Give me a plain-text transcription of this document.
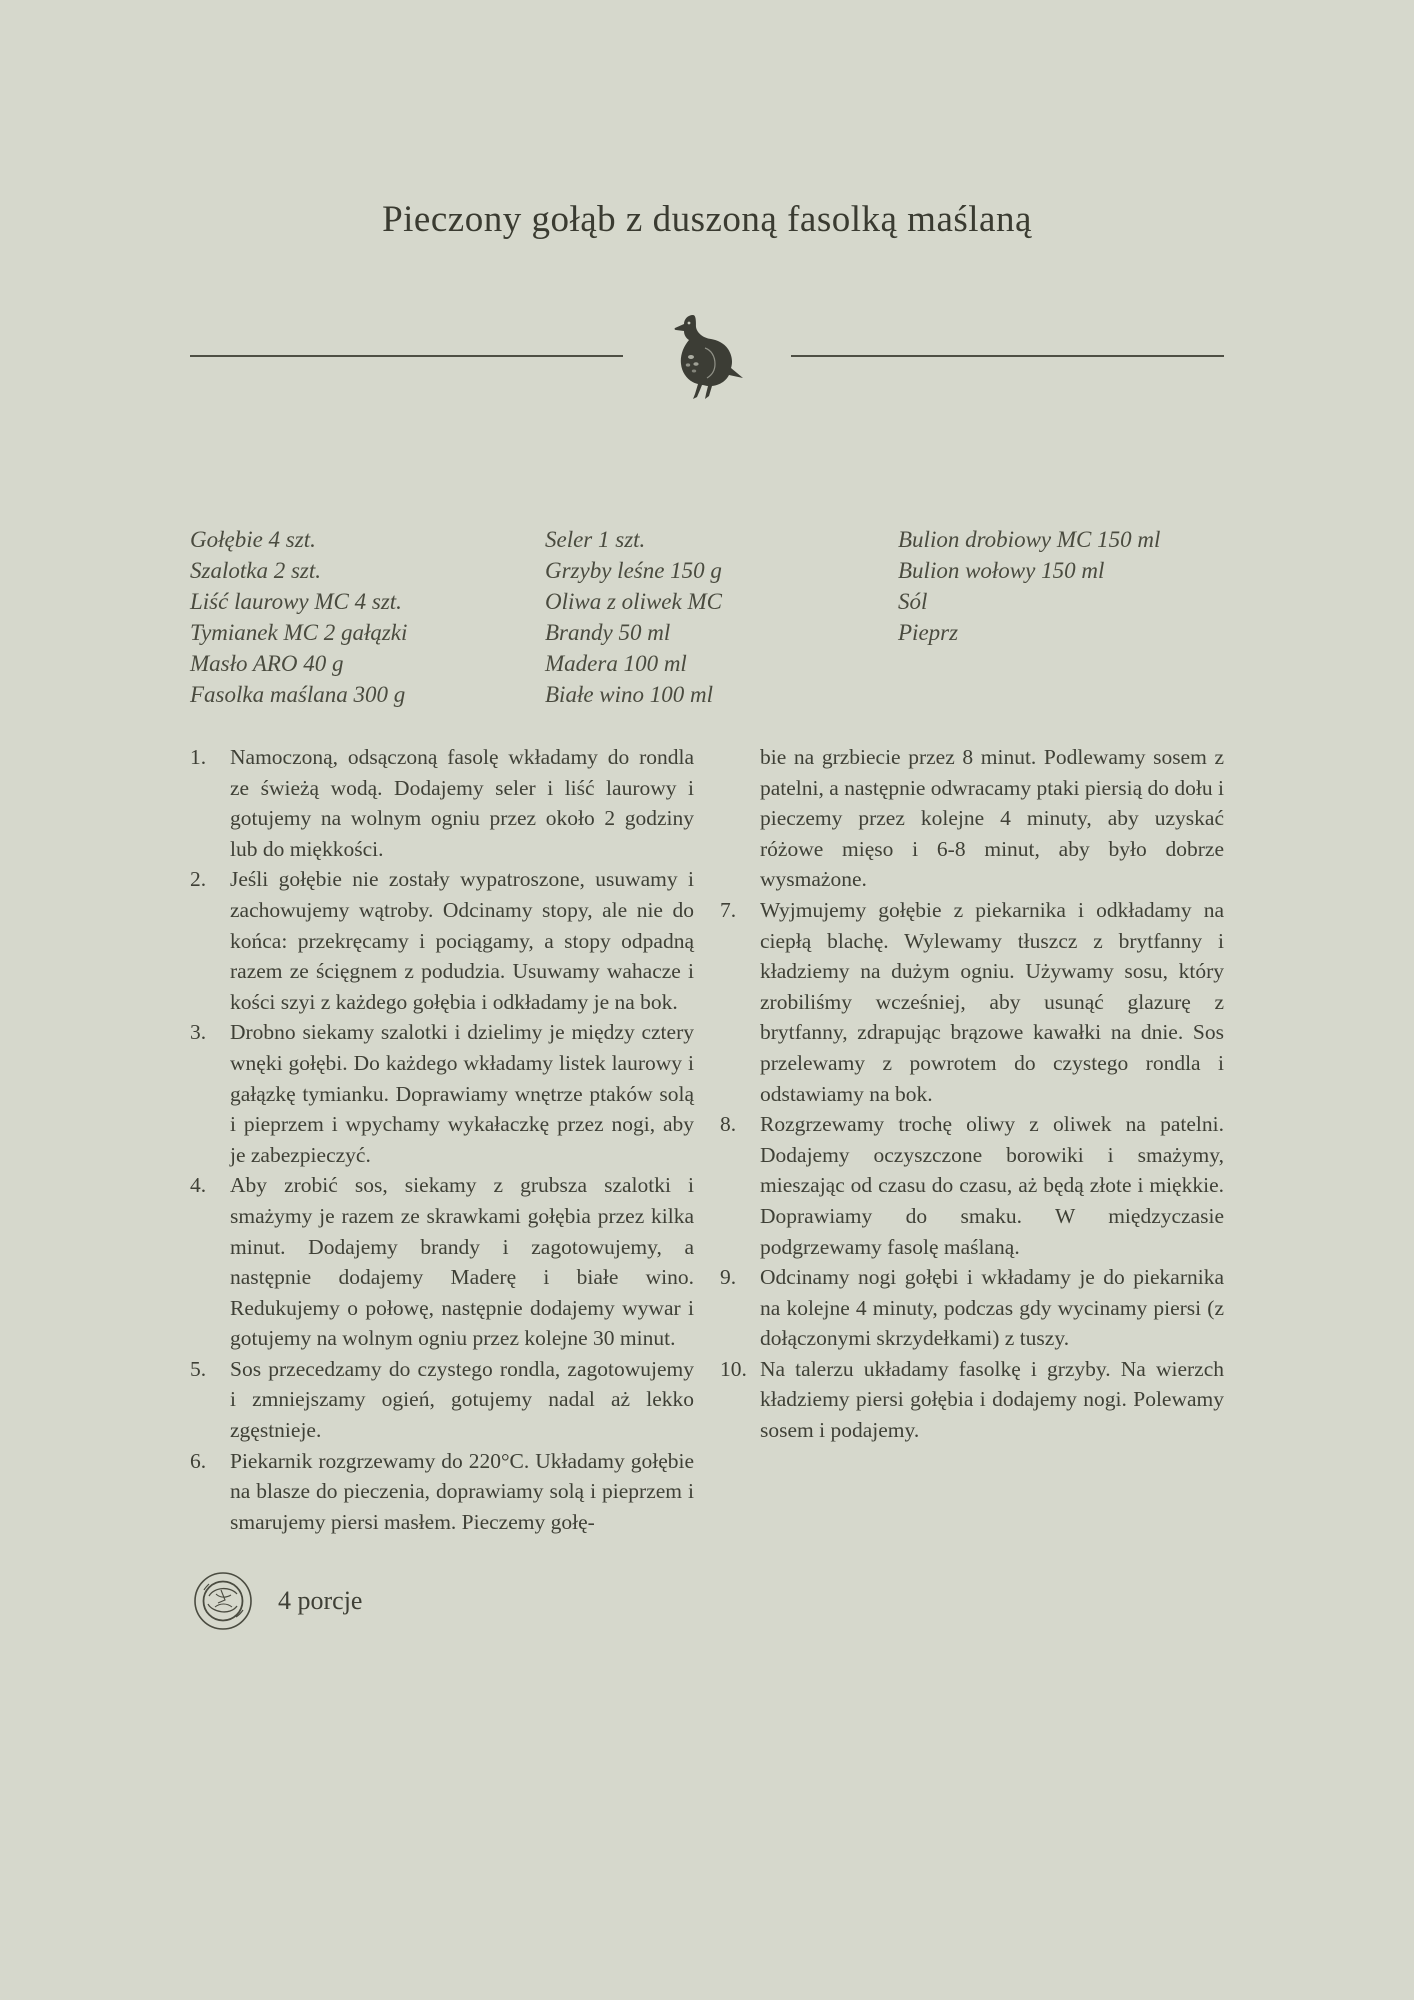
Pieczony gołąb z duszoną fasolką maślaną
Gołębie 4 szt.
Szalotka 2 szt.
Liść laurowy MC 4 szt.
Tymianek MC 2 gałązki
Masło ARO 40 g
Fasolka maślana 300 g
Seler 1 szt.
Grzyby leśne 150 g
Oliwa z oliwek MC
Brandy 50 ml
Madera 100 ml
Białe wino 100 ml
Bulion drobiowy MC 150 ml
Bulion wołowy 150 ml
Sól
Pieprz
1.	Namoczoną, odsączoną fasolę wkładamy do rondla ze świeżą wodą. Dodajemy seler i liść laurowy i gotujemy na wolnym ogniu przez około 2 godziny lub do miękkości.

2.	Jeśli gołębie nie zostały wypatroszone, usuwamy i zachowujemy wątroby. Odcinamy stopy, ale nie do końca: przekręcamy i pociągamy, a stopy odpadną razem ze ścięgnem z podudzia. Usuwamy wahacze i kości szyi z każdego gołębia i odkładamy je na bok.

3.	Drobno siekamy szalotki i dzielimy je między cztery wnęki gołębi. Do każdego wkładamy listek laurowy i gałązkę tymianku. Doprawiamy wnętrze ptaków solą i pieprzem i wpychamy wykałaczkę przez nogi, aby je zabezpieczyć.

4.	Aby zrobić sos, siekamy z grubsza szalotki i smażymy je razem ze skrawkami gołębia przez kilka minut. Dodajemy brandy i zagotowujemy, a następnie dodajemy Maderę i białe wino. Redukujemy o połowę, następnie dodajemy wywar i gotujemy na wolnym ogniu przez kolejne 30 minut.

5.	Sos przecedzamy do czystego rondla, zagotowujemy i zmniejszamy ogień, gotujemy nadal aż lekko zgęstnieje.

6.	Piekarnik rozgrzewamy do 220°C. Układamy gołębie na blasze do pieczenia, doprawiamy solą i pieprzem i smarujemy piersi masłem. Pieczemy gołę-

bie na grzbiecie przez 8 minut. Podlewamy sosem z patelni, a następnie odwracamy ptaki piersią do dołu i pieczemy przez kolejne 4 minuty, aby uzyskać różowe mięso i 6-8 minut, aby było dobrze wysmażone.

7.	Wyjmujemy gołębie z piekarnika i odkładamy na ciepłą blachę. Wylewamy tłuszcz z brytfanny i kładziemy na dużym ogniu. Używamy sosu, który zrobiliśmy wcześniej, aby usunąć glazurę z brytfanny, zdrapując brązowe kawałki na dnie. Sos przelewamy z powrotem do czystego rondla i odstawiamy na bok.

8.	Rozgrzewamy trochę oliwy z oliwek na patelni. Dodajemy oczyszczone borowiki i smażymy, mieszając od czasu do czasu, aż będą złote i miękkie. Doprawiamy do smaku. W międzyczasie podgrzewamy fasolę maślaną.

9.	Odcinamy nogi gołębi i wkładamy je do piekarnika na kolejne 4 minuty, podczas gdy wycinamy piersi (z dołączonymi skrzydełkami) z tuszy.

10. Na talerzu układamy fasolkę i grzyby. Na wierzch kładziemy piersi gołębia i dodajemy nogi. Polewamy sosem i podajemy.

4 porcje
